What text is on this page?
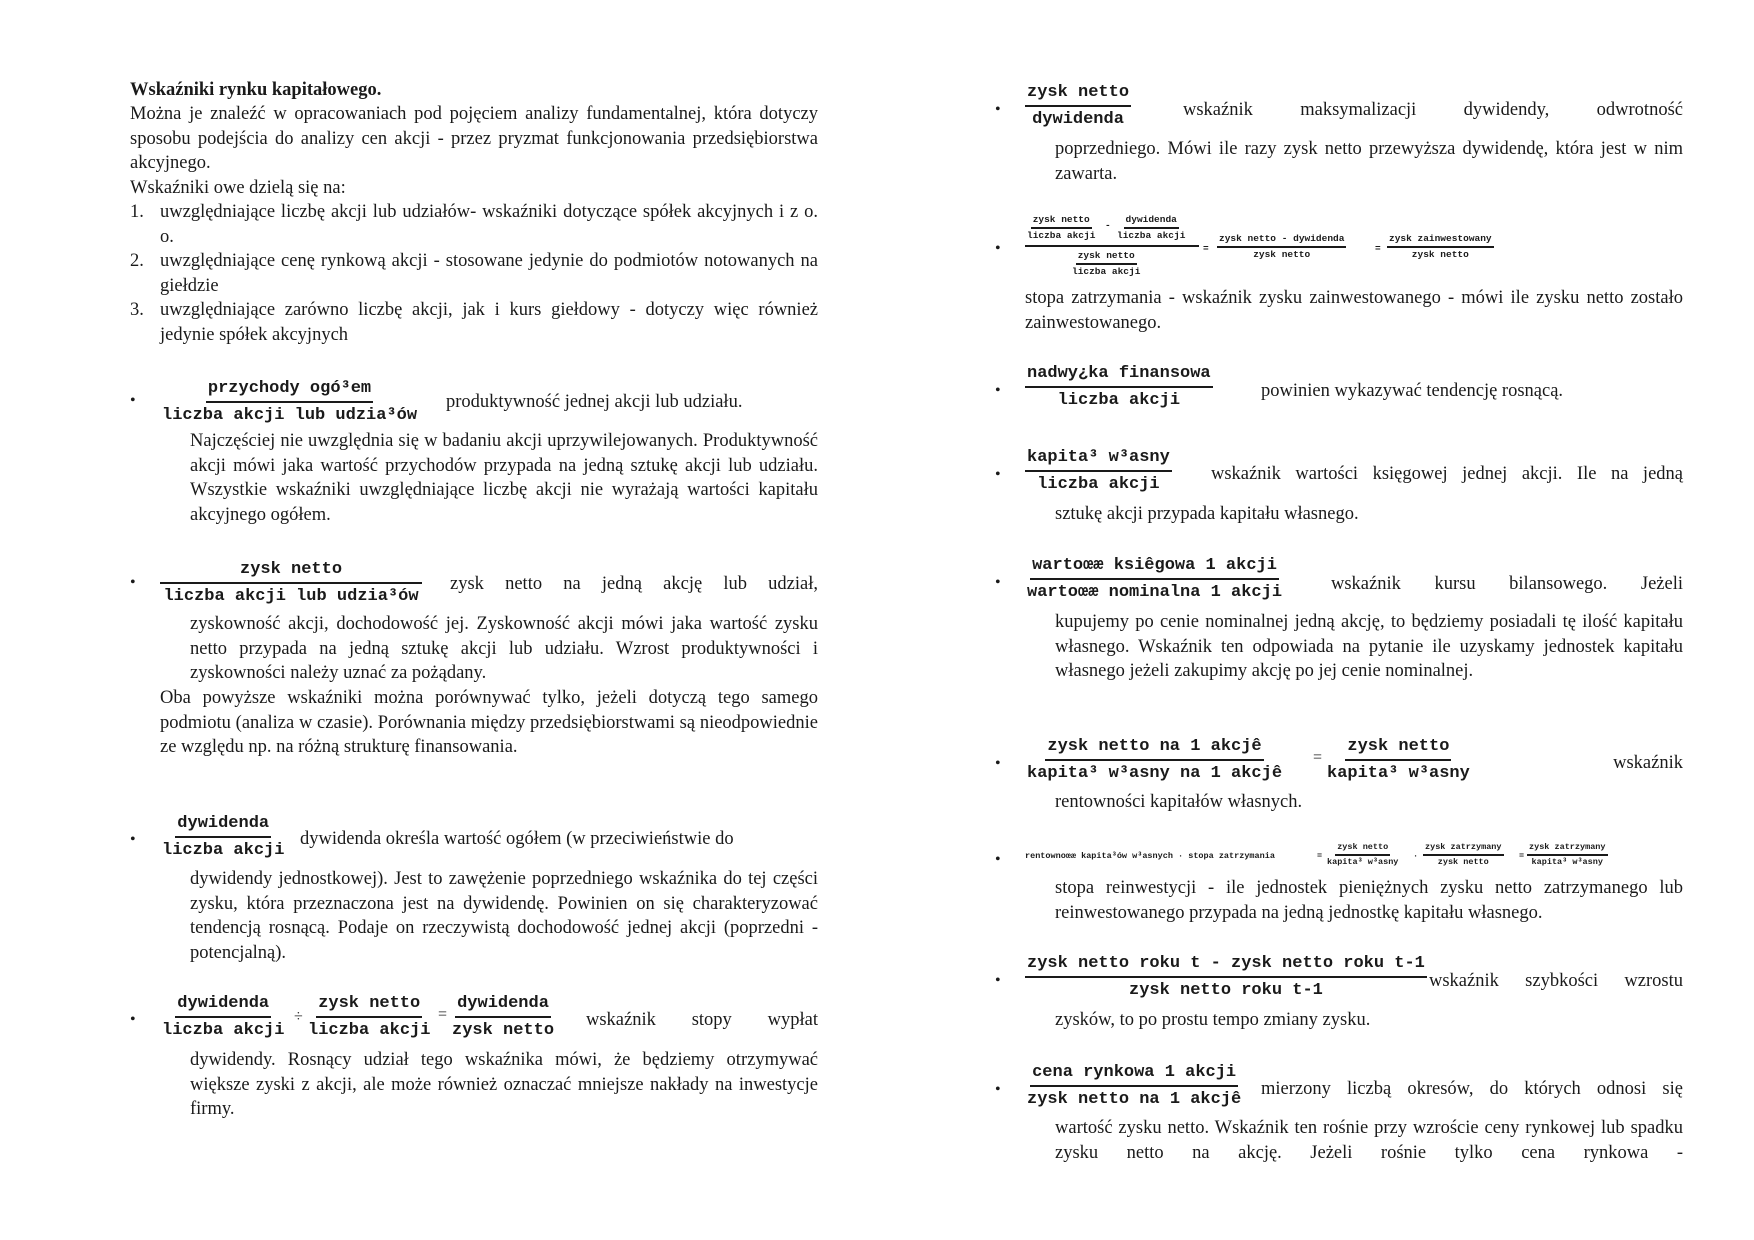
Wskaźniki rynku kapitałowego.
Można je znaleźć w opracowaniach pod pojęciem analizy fundamentalnej, która dotyczy sposobu podejścia do analizy cen akcji - przez pryzmat funkcjonowania przedsiębiorstwa akcyjnego.
Wskaźniki owe dzielą się na:
1. uwzględniające liczbę akcji lub udziałów- wskaźniki dotyczące spółek akcyjnych i z o. o.
2. uwzględniające cenę rynkową akcji - stosowane jedynie do podmiotów notowanych na giełdzie
3. uwzględniające zarówno liczbę akcji, jak i kurs giełdowy - dotyczy więc również jedynie spółek akcyjnych
•
przychody ogó³em
liczba akcji lub udzia³ów
produktywność jednej akcji lub udziału.
Najczęściej nie uwzględnia się w badaniu akcji uprzywilejowanych. Produktywność akcji mówi jaka wartość przychodów przypada na jedną sztukę akcji lub udziału. Wszystkie wskaźniki uwzględniające liczbę akcji nie wyrażają wartości kapitału akcyjnego ogółem.
•
zysk netto
liczba akcji lub udzia³ów
zysk netto na jedną akcję lub udział,
zyskowność akcji, dochodowość jej. Zyskowność akcji mówi jaka wartość zysku netto przypada na jedną sztukę akcji lub udziału. Wzrost produktywności i zyskowności należy uznać za pożądany.
Oba powyższe wskaźniki można porównywać tylko, jeżeli dotyczą tego samego podmiotu (analiza w czasie). Porównania między przedsiębiorstwami są nieodpowiednie ze względu np. na różną strukturę finansowania.
•
dywidenda
liczba akcji
dywidenda określa wartość ogółem (w przeciwieństwie do
dywidendy jednostkowej). Jest to zawężenie poprzedniego wskaźnika do tej części zysku, która przeznaczona jest na dywidendę. Powinien on się charakteryzować tendencją rosnącą. Podaje on rzeczywistą dochodowość jednej akcji (poprzedni - potencjalną).
•
dywidenda
liczba akcji
÷
zysk netto
liczba akcji
=
dywidenda
zysk netto
wskaźnik stopy wypłat
dywidendy. Rosnący udział tego wskaźnika mówi, że będziemy otrzymywać większe zyski z akcji, ale może również oznaczać mniejsze nakłady na inwestycje firmy.
•
zysk netto
dywidenda	wskaźnik maksymalizacji dywidendy, odwrotność
poprzedniego. Mówi ile razy zysk netto przewyższa dywidendę, która jest w nim zawarta.
•
zysk netto
liczba akcji
-
dywidenda
liczba akcji
zysk netto
liczba akcji
=
zysk netto - dywidenda
zysk netto
=
zysk zainwestowany
zysk netto
stopa zatrzymania - wskaźnik zysku zainwestowanego - mówi ile zysku netto zostało zainwestowanego.
•
nadwy¿ka finansowa
liczba akcji	powinien wykazywać tendencję rosnącą.
•
kapita³ w³asny
liczba akcji
wskaźnik wartości księgowej jednej akcji. Ile na jedną
sztukę akcji przypada kapitału własnego.
•
wartoœæ ksiêgowa 1 akcji
wartoœæ nominalna 1 akcji	wskaźnik kursu bilansowego. Jeżeli
kupujemy po cenie nominalnej jedną akcję, to będziemy posiadali tę ilość kapitału własnego. Wskaźnik ten odpowiada na pytanie ile uzyskamy jednostek kapitału własnego jeżeli zakupimy akcję po jej cenie nominalnej.
•
zysk netto na 1 akcjê
kapita³ w³asny na 1 akcjê
=
zysk netto
kapita³ w³asny
wskaźnik
rentowności kapitałów własnych.
•	rentownoœæ kapita³ów w³asnych · stopa zatrzymania	=
zysk netto
kapita³ w³asny
·
zysk zatrzymany
zysk netto
=
zysk zatrzymany
kapita³ w³asny
stopa reinwestycji - ile jednostek pieniężnych zysku netto zatrzymanego lub reinwestowanego przypada na jedną jednostkę kapitału własnego.
•
zysk netto roku t - zysk netto roku t-1
zysk netto roku t-1	wskaźnik szybkości wzrostu
zysków, to po prostu tempo zmiany zysku.
•
cena rynkowa 1 akcji
zysk netto na 1 akcjê
mierzony liczbą okresów, do których odnosi się
wartość zysku netto. Wskaźnik ten rośnie przy wzroście ceny rynkowej lub spadku zysku netto na akcję. Jeżeli rośnie tylko cena rynkowa -
